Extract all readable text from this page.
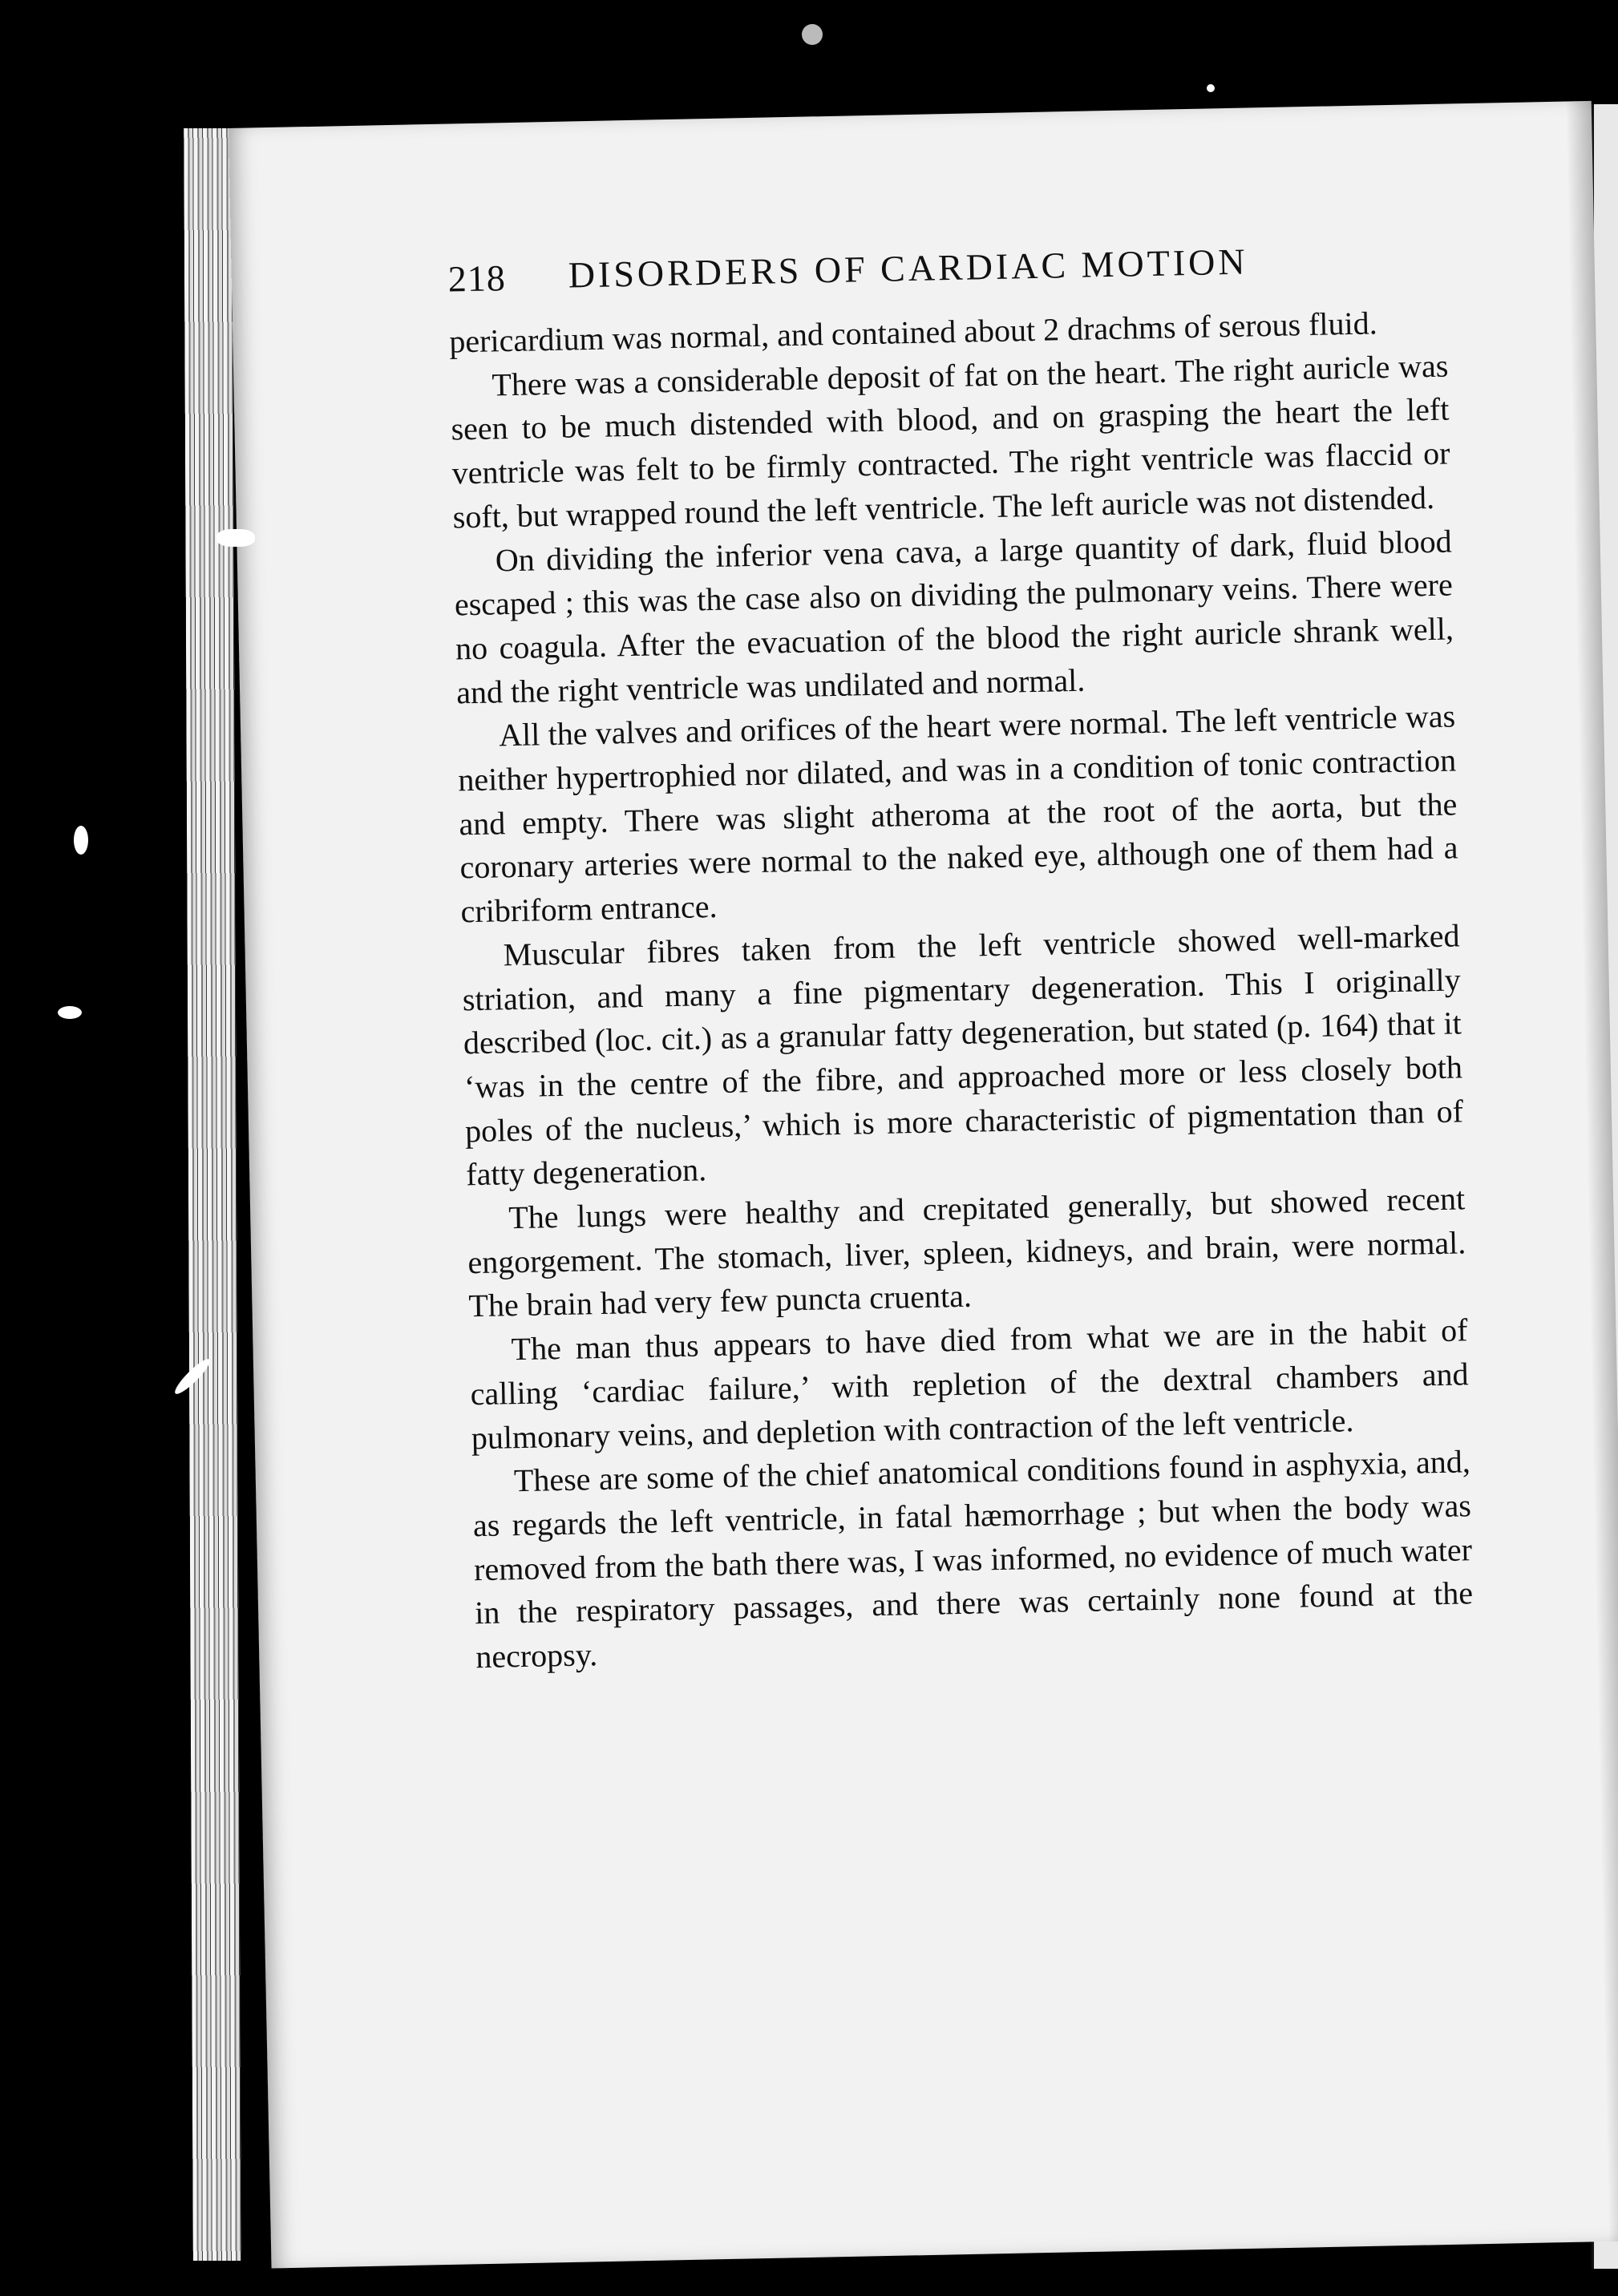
218 DISORDERS OF CARDIAC MOTION

pericardium was normal, and contained about 2 drachms of serous fluid.

There was a considerable deposit of fat on the heart. The right auricle was seen to be much distended with blood, and on grasping the heart the left ventricle was felt to be firmly contracted. The right ventricle was flaccid or soft, but wrapped round the left ventricle. The left auricle was not distended.

On dividing the inferior vena cava, a large quantity of dark, fluid blood escaped ; this was the case also on dividing the pulmonary veins. There were no coagula. After the evacuation of the blood the right auricle shrank well, and the right ventricle was undilated and normal.

All the valves and orifices of the heart were normal. The left ventricle was neither hypertrophied nor dilated, and was in a condition of tonic contraction and empty. There was slight atheroma at the root of the aorta, but the coronary arteries were normal to the naked eye, although one of them had a cribriform entrance.

Muscular fibres taken from the left ventricle showed well-marked striation, and many a fine pigmentary degeneration. This I originally described (loc. cit.) as a granular fatty degeneration, but stated (p. 164) that it ‘was in the centre of the fibre, and approached more or less closely both poles of the nucleus,’ which is more characteristic of pigmentation than of fatty degeneration.

The lungs were healthy and crepitated generally, but showed recent engorgement. The stomach, liver, spleen, kidneys, and brain, were normal. The brain had very few puncta cruenta.

The man thus appears to have died from what we are in the habit of calling ‘cardiac failure,’ with repletion of the dextral chambers and pulmonary veins, and depletion with contraction of the left ventricle.

These are some of the chief anatomical conditions found in asphyxia, and, as regards the left ventricle, in fatal hæmorrhage ; but when the body was removed from the bath there was, I was informed, no evidence of much water in the respiratory passages, and there was certainly none found at the necropsy.
